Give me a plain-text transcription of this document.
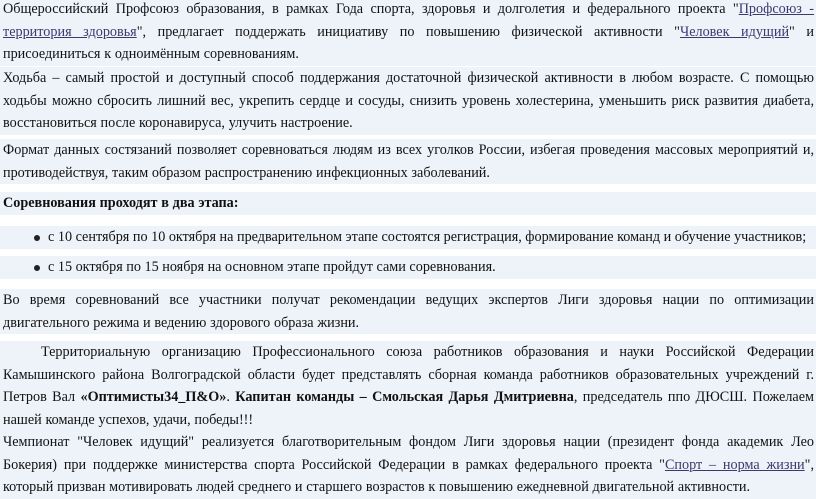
Общероссийский Профсоюз образования, в рамках Года спорта, здоровья и долголетия и федерального проекта "Профсоюз - территория здоровья", предлагает поддержать инициативу по повышению физической активности "Человек идущий" и присоединиться к одноимённым соревнованиям.
Ходьба – самый простой и доступный способ поддержания достаточной физической активности в любом возрасте. С помощью ходьбы можно сбросить лишний вес, укрепить сердце и сосуды, снизить уровень холестерина, уменьшить риск развития диабета, восстановиться после коронавируса, улучить настроение.
Формат данных состязаний позволяет соревноваться людям из всех уголков России, избегая проведения массовых мероприятий и, противодействуя, таким образом распространению инфекционных заболеваний.
Соревнования проходят в два этапа:
с 10 сентября по 10 октября на предварительном этапе состоятся регистрация, формирование команд и обучение участников;
с 15 октября по 15 ноября на основном этапе пройдут сами соревнования.
Во время соревнований все участники получат рекомендации ведущих экспертов Лиги здоровья нации по оптимизации двигательного режима и ведению здорового образа жизни.
Территориальную организацию Профессионального союза работников образования и науки Российской Федерации Камышинского района Волгоградской области будет представлять сборная команда работников образовательных учреждений г. Петров Вал «Оптимисты34_П&О». Капитан команды – Смольская Дарья Дмитриевна, председатель ппо ДЮСШ. Пожелаем нашей команде успехов, удачи, победы!!!
Чемпионат "Человек идущий" реализуется благотворительным фондом Лиги здоровья нации (президент фонда академик Лео Бокерия) при поддержке министерства спорта Российской Федерации в рамках федерального проекта "Спорт – норма жизни", который призван мотивировать людей среднего и старшего возрастов к повышению ежедневной двигательной активности.
